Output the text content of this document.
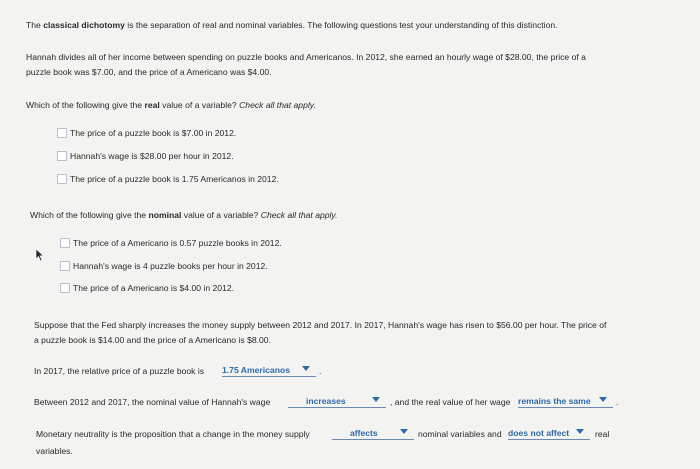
The classical dichotomy is the separation of real and nominal variables. The following questions test your understanding of this distinction.
Hannah divides all of her income between spending on puzzle books and Americanos. In 2012, she earned an hourly wage of $28.00, the price of a
puzzle book was $7.00, and the price of a Americano was $4.00.
Which of the following give the real value of a variable? Check all that apply.
The price of a puzzle book is $7.00 in 2012.
Hannah's wage is $28.00 per hour in 2012.
The price of a puzzle book is 1.75 Americanos in 2012.
Which of the following give the nominal value of a variable? Check all that apply.
The price of a Americano is 0.57 puzzle books in 2012.
Hannah's wage is 4 puzzle books per hour in 2012.
The price of a Americano is $4.00 in 2012.
Suppose that the Fed sharply increases the money supply between 2012 and 2017. In 2017, Hannah's wage has risen to $56.00 per hour. The price of
a puzzle book is $14.00 and the price of a Americano is $8.00.
In 2017, the relative price of a puzzle book is 1.75 Americanos	.
Between 2012 and 2017, the nominal value of Hannah's wage	increases	, and the real value of her wage remains the same	.
Monetary neutrality is the proposition that a change in the money supply	affects	nominal variables and does not affect	real
variables.
